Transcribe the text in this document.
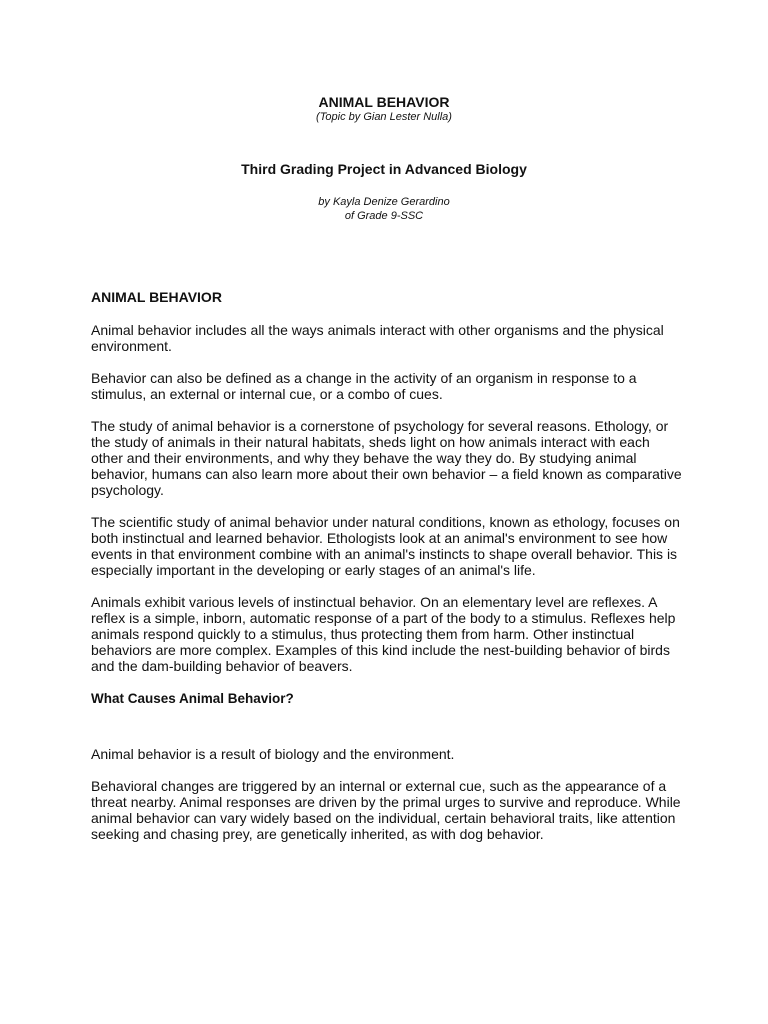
ANIMAL BEHAVIOR
(Topic by Gian Lester Nulla)
Third Grading Project in Advanced Biology
by Kayla Denize Gerardino
of Grade 9-SSC
ANIMAL BEHAVIOR

Animal behavior includes all the ways animals interact with other organisms and the physical environment.

Behavior can also be defined as a change in the activity of an organism in response to a stimulus, an external or internal cue, or a combo of cues.

The study of animal behavior is a cornerstone of psychology for several reasons. Ethology, or the study of animals in their natural habitats, sheds light on how animals interact with each other and their environments, and why they behave the way they do. By studying animal behavior, humans can also learn more about their own behavior – a field known as comparative psychology.

The scientific study of animal behavior under natural conditions, known as ethology, focuses on both instinctual and learned behavior. Ethologists look at an animal's environment to see how events in that environment combine with an animal's instincts to shape overall behavior. This is especially important in the developing or early stages of an animal's life.

Animals exhibit various levels of instinctual behavior. On an elementary level are reflexes. A reflex is a simple, inborn, automatic response of a part of the body to a stimulus. Reflexes help animals respond quickly to a stimulus, thus protecting them from harm. Other instinctual behaviors are more complex. Examples of this kind include the nest-building behavior of birds and the dam-building behavior of beavers.

What Causes Animal Behavior?

Animal behavior is a result of biology and the environment.

Behavioral changes are triggered by an internal or external cue, such as the appearance of a threat nearby. Animal responses are driven by the primal urges to survive and reproduce. While animal behavior can vary widely based on the individual, certain behavioral traits, like attention seeking and chasing prey, are genetically inherited, as with dog behavior.
